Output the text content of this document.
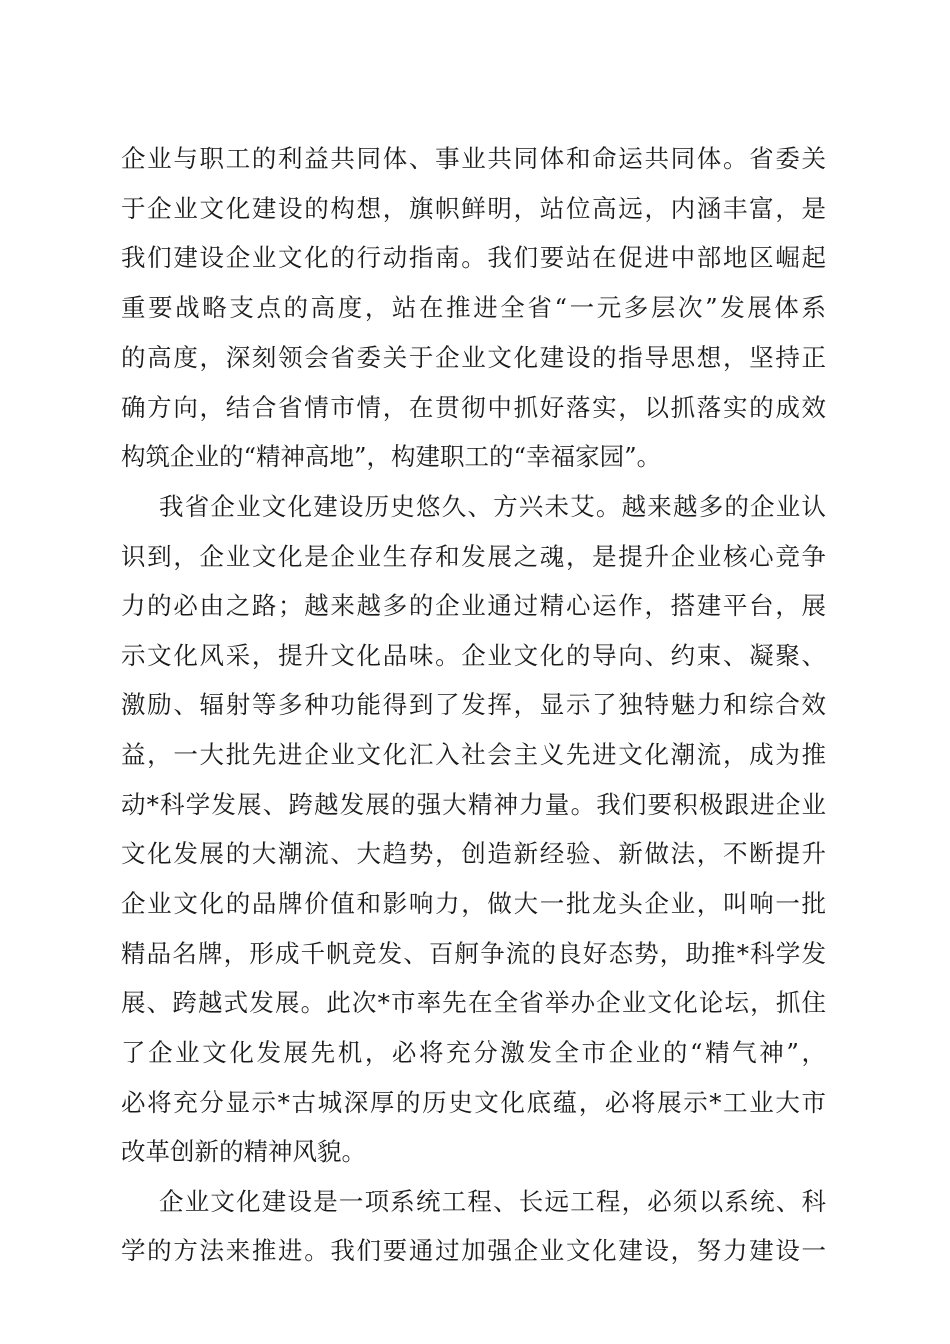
企业与职工的利益共同体、事业共同体和命运共同体。省委关
于企业文化建设的构想，旗帜鲜明，站位高远，内涵丰富，是
我们建设企业文化的行动指南。我们要站在促进中部地区崛起
重要战略支点的高度，站在推进全省“一元多层次”发展体系
的高度，深刻领会省委关于企业文化建设的指导思想，坚持正
确方向，结合省情市情，在贯彻中抓好落实，以抓落实的成效
构筑企业的“精神高地”，构建职工的“幸福家园”。
我省企业文化建设历史悠久、方兴未艾。越来越多的企业认
识到，企业文化是企业生存和发展之魂，是提升企业核心竞争
力的必由之路；越来越多的企业通过精心运作，搭建平台，展
示文化风采，提升文化品味。企业文化的导向、约束、凝聚、
激励、辐射等多种功能得到了发挥，显示了独特魅力和综合效
益，一大批先进企业文化汇入社会主义先进文化潮流，成为推
动*科学发展、跨越发展的强大精神力量。我们要积极跟进企业
文化发展的大潮流、大趋势，创造新经验、新做法，不断提升
企业文化的品牌价值和影响力，做大一批龙头企业，叫响一批
精品名牌，形成千帆竞发、百舸争流的良好态势，助推*科学发
展、跨越式发展。此次*市率先在全省举办企业文化论坛，抓住
了企业文化发展先机，必将充分激发全市企业的“精气神”，
必将充分显示*古城深厚的历史文化底蕴，必将展示*工业大市
改革创新的精神风貌。
企业文化建设是一项系统工程、长远工程，必须以系统、科
学的方法来推进。我们要通过加强企业文化建设，努力建设一
